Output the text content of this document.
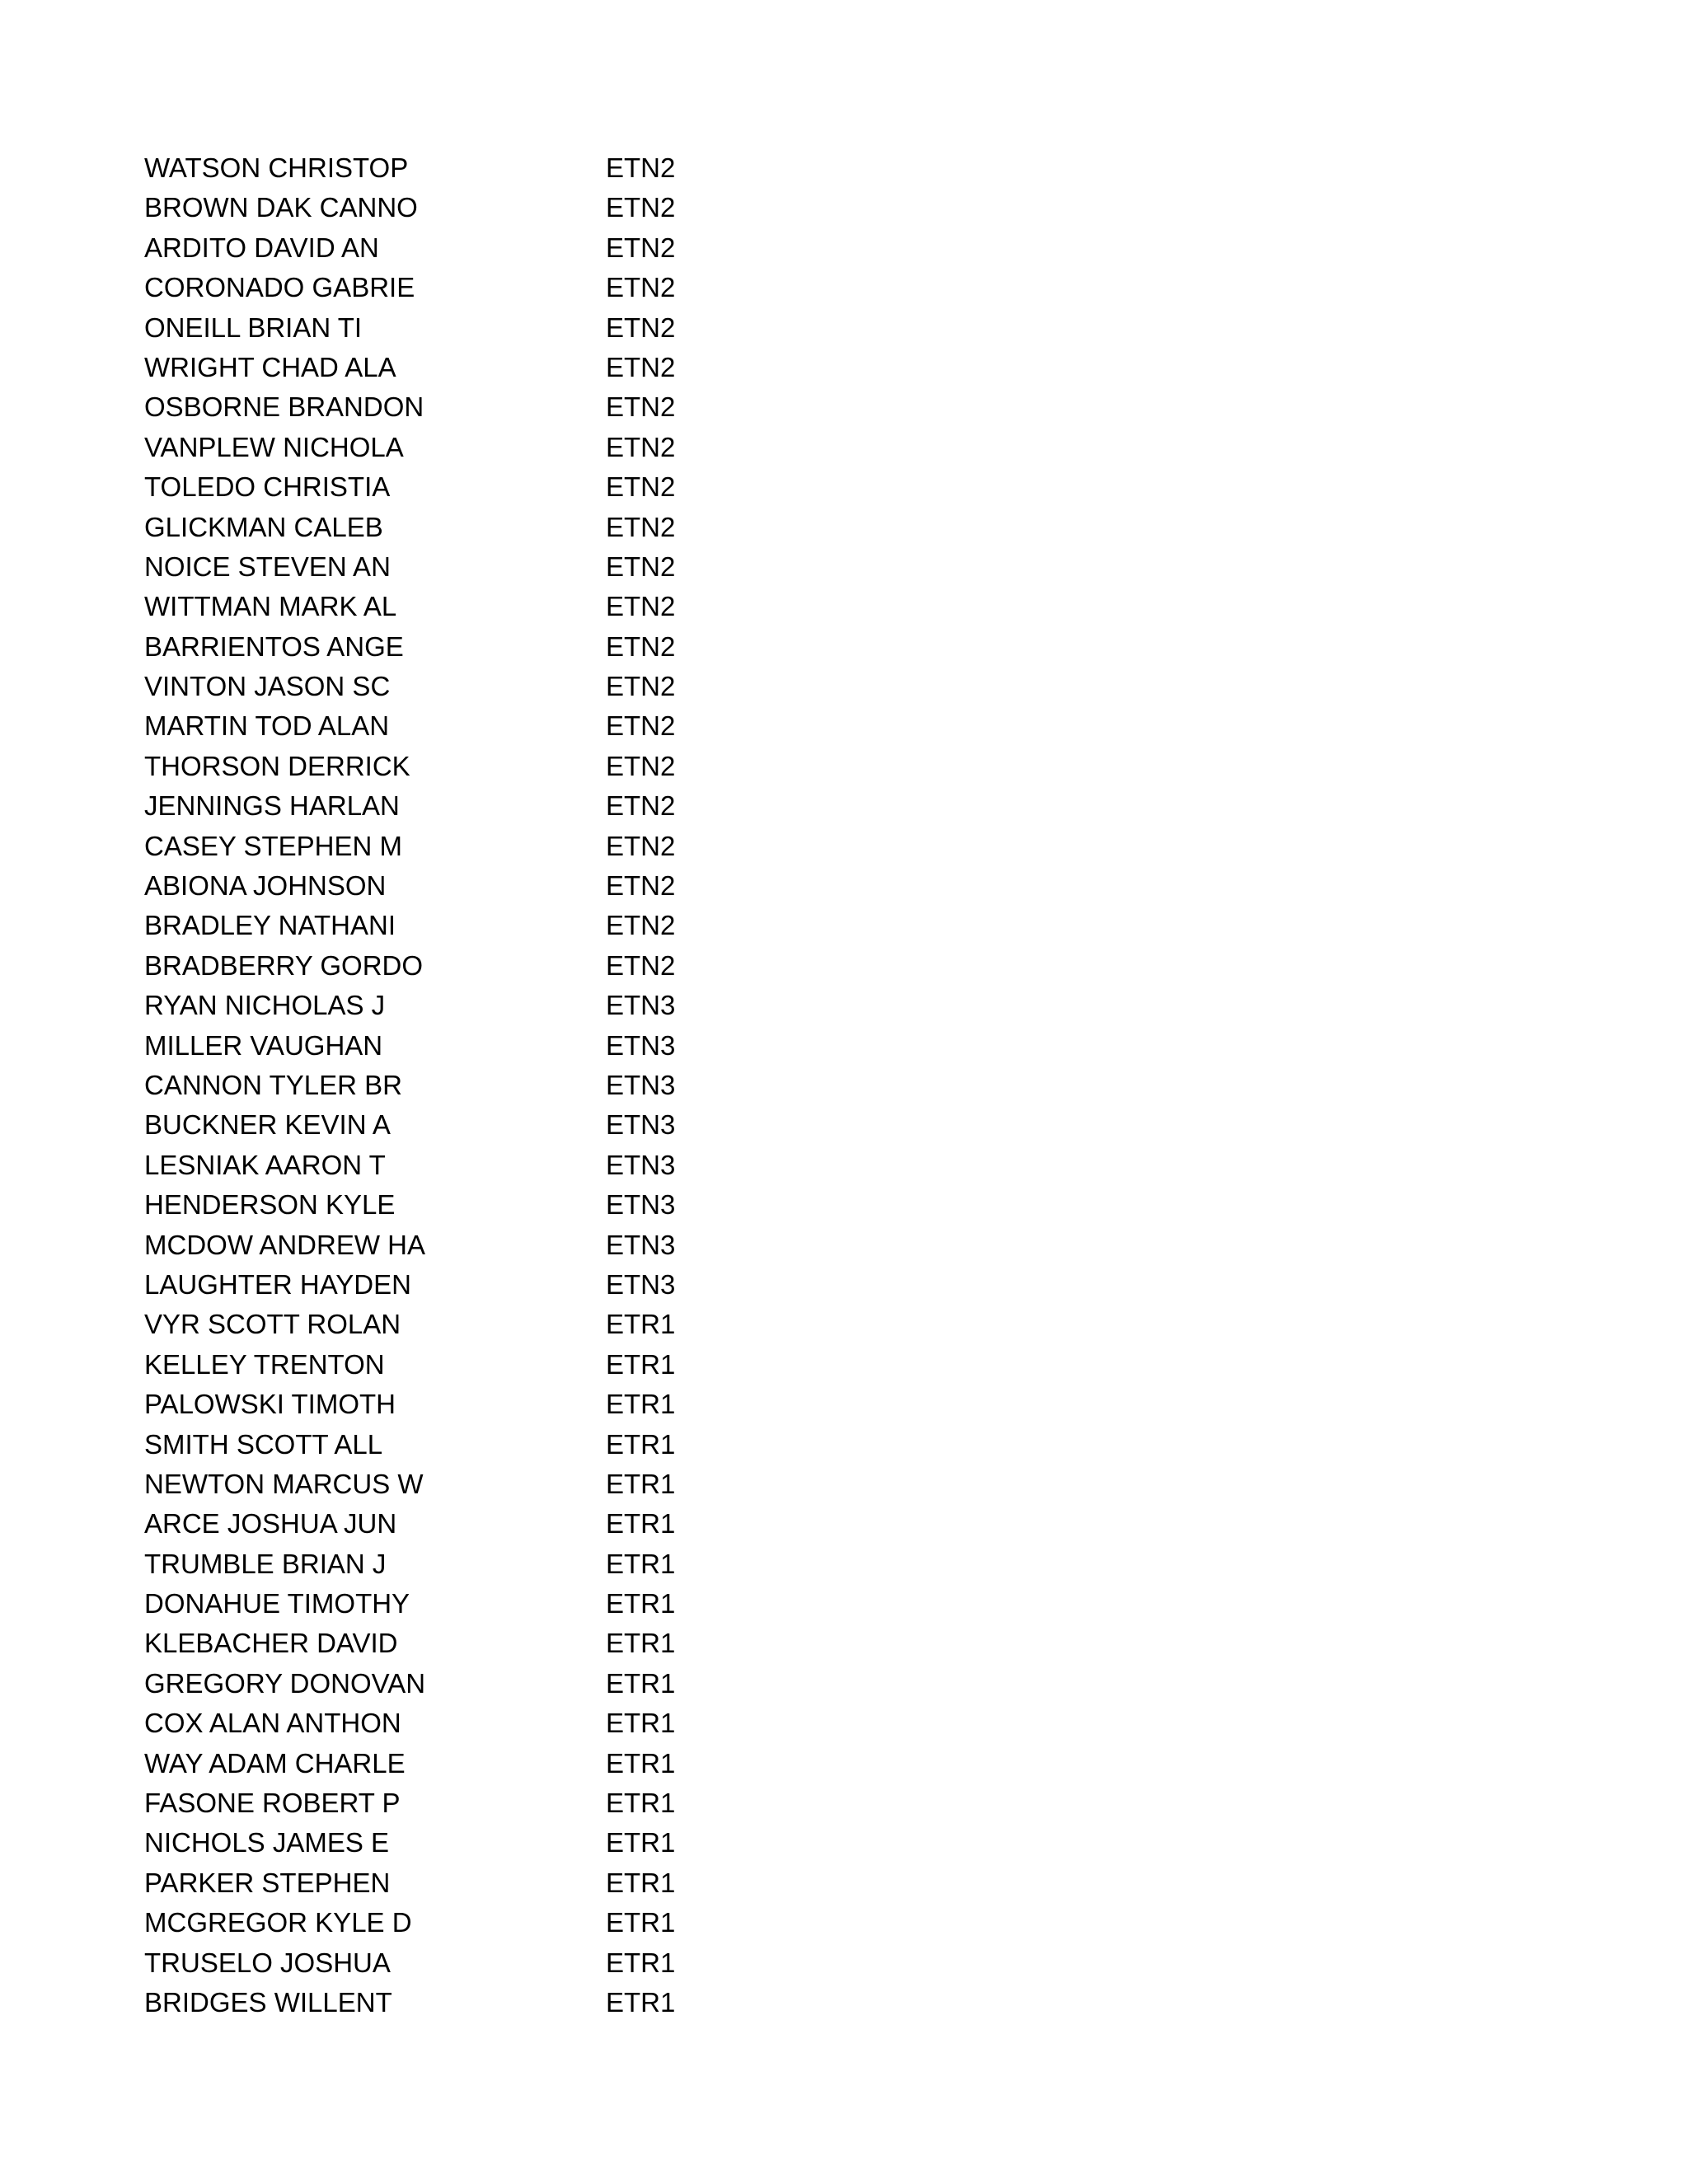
WATSON CHRISTOP	ETN2
BROWN DAK CANNO	ETN2
ARDITO DAVID AN	ETN2
CORONADO GABRIE	ETN2
ONEILL BRIAN TI	ETN2
WRIGHT CHAD ALA	ETN2
OSBORNE BRANDON	ETN2
VANPLEW NICHOLA	ETN2
TOLEDO CHRISTIA	ETN2
GLICKMAN CALEB	ETN2
NOICE STEVEN AN	ETN2
WITTMAN MARK AL	ETN2
BARRIENTOS ANGE	ETN2
VINTON JASON SC	ETN2
MARTIN TOD ALAN	ETN2
THORSON DERRICK	ETN2
JENNINGS HARLAN	ETN2
CASEY STEPHEN M	ETN2
ABIONA JOHNSON	ETN2
BRADLEY NATHANI	ETN2
BRADBERRY GORDO	ETN2
RYAN NICHOLAS J	ETN3
MILLER VAUGHAN	ETN3
CANNON TYLER BR	ETN3
BUCKNER KEVIN A	ETN3
LESNIAK AARON T	ETN3
HENDERSON KYLE	ETN3
MCDOW ANDREW HA	ETN3
LAUGHTER HAYDEN	ETN3
VYR SCOTT ROLAN	ETR1
KELLEY TRENTON	ETR1
PALOWSKI TIMOTH	ETR1
SMITH SCOTT ALL	ETR1
NEWTON MARCUS W	ETR1
ARCE JOSHUA JUN	ETR1
TRUMBLE BRIAN J	ETR1
DONAHUE TIMOTHY	ETR1
KLEBACHER DAVID	ETR1
GREGORY DONOVAN	ETR1
COX ALAN ANTHON	ETR1
WAY ADAM CHARLE	ETR1
FASONE ROBERT P	ETR1
NICHOLS JAMES E	ETR1
PARKER STEPHEN	ETR1
MCGREGOR KYLE D	ETR1
TRUSELO JOSHUA	ETR1
BRIDGES WILLENT	ETR1
